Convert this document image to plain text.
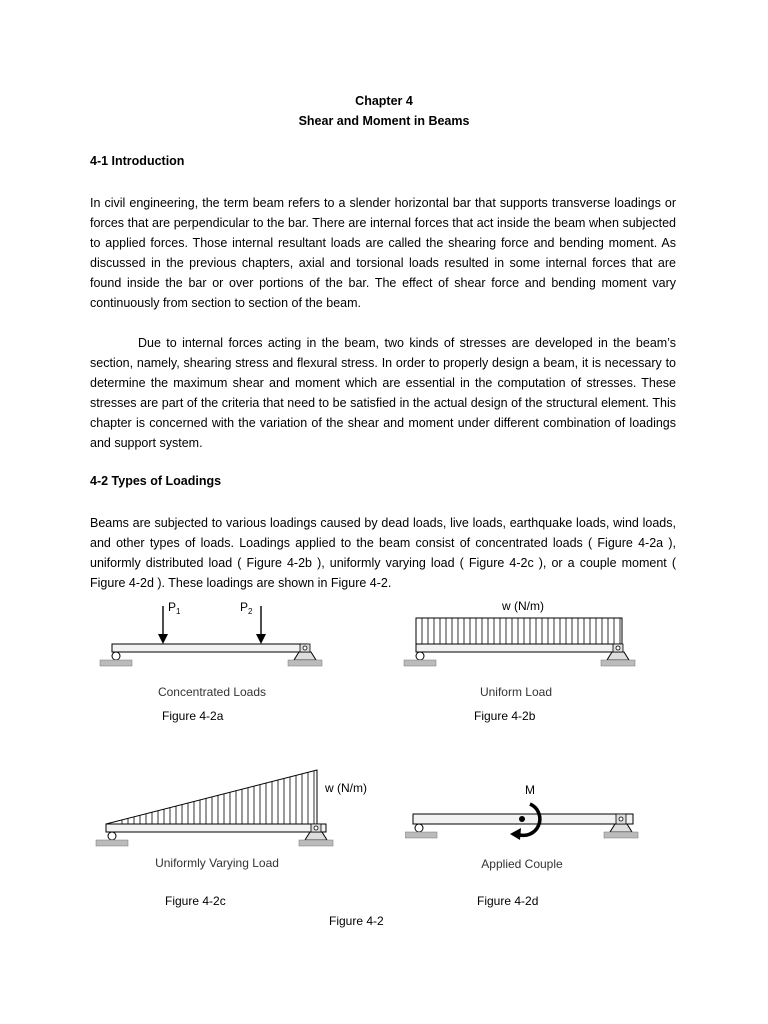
Chapter 4
Shear and Moment in Beams
4-1 Introduction

In civil engineering, the term beam refers to a slender horizontal bar that supports transverse loadings or forces that are perpendicular to the bar. There are internal forces that act inside the beam when subjected to applied forces. Those internal resultant loads are called the shearing force and bending moment. As discussed in the previous chapters, axial and torsional loads resulted in some internal forces that are found inside the bar or over portions of the bar. The effect of shear force and bending moment vary continuously from section to section of the beam.

Due to internal forces acting in the beam, two kinds of stresses are developed in the beam’s section, namely, shearing stress and flexural stress. In order to properly design a beam, it is necessary to determine the maximum shear and moment which are essential in the computation of stresses. These stresses are part of the criteria that need to be satisfied in the actual design of the structural element. This chapter is concerned with the variation of the shear and moment under different combination of loadings and support system.

4-2 Types of Loadings

Beams are subjected to various loadings caused by dead loads, live loads, earthquake loads, wind loads, and other types of loads. Loadings applied to the beam consist of concentrated loads ( Figure 4-2a ), uniformly distributed load ( Figure 4-2b ), uniformly varying load ( Figure 4-2c ), or a couple moment ( Figure 4-2d ). These loadings are shown in Figure 4-2.

$P_1$	$P_2$
Concentrated Loads
Figure 4-2a
w (N/m)
Uniform Load
Figure 4-2b
w (N/m)
Uniformly Varying Load
Figure 4-2c
M
Applied Couple
Figure 4-2d
Figure 4-2
